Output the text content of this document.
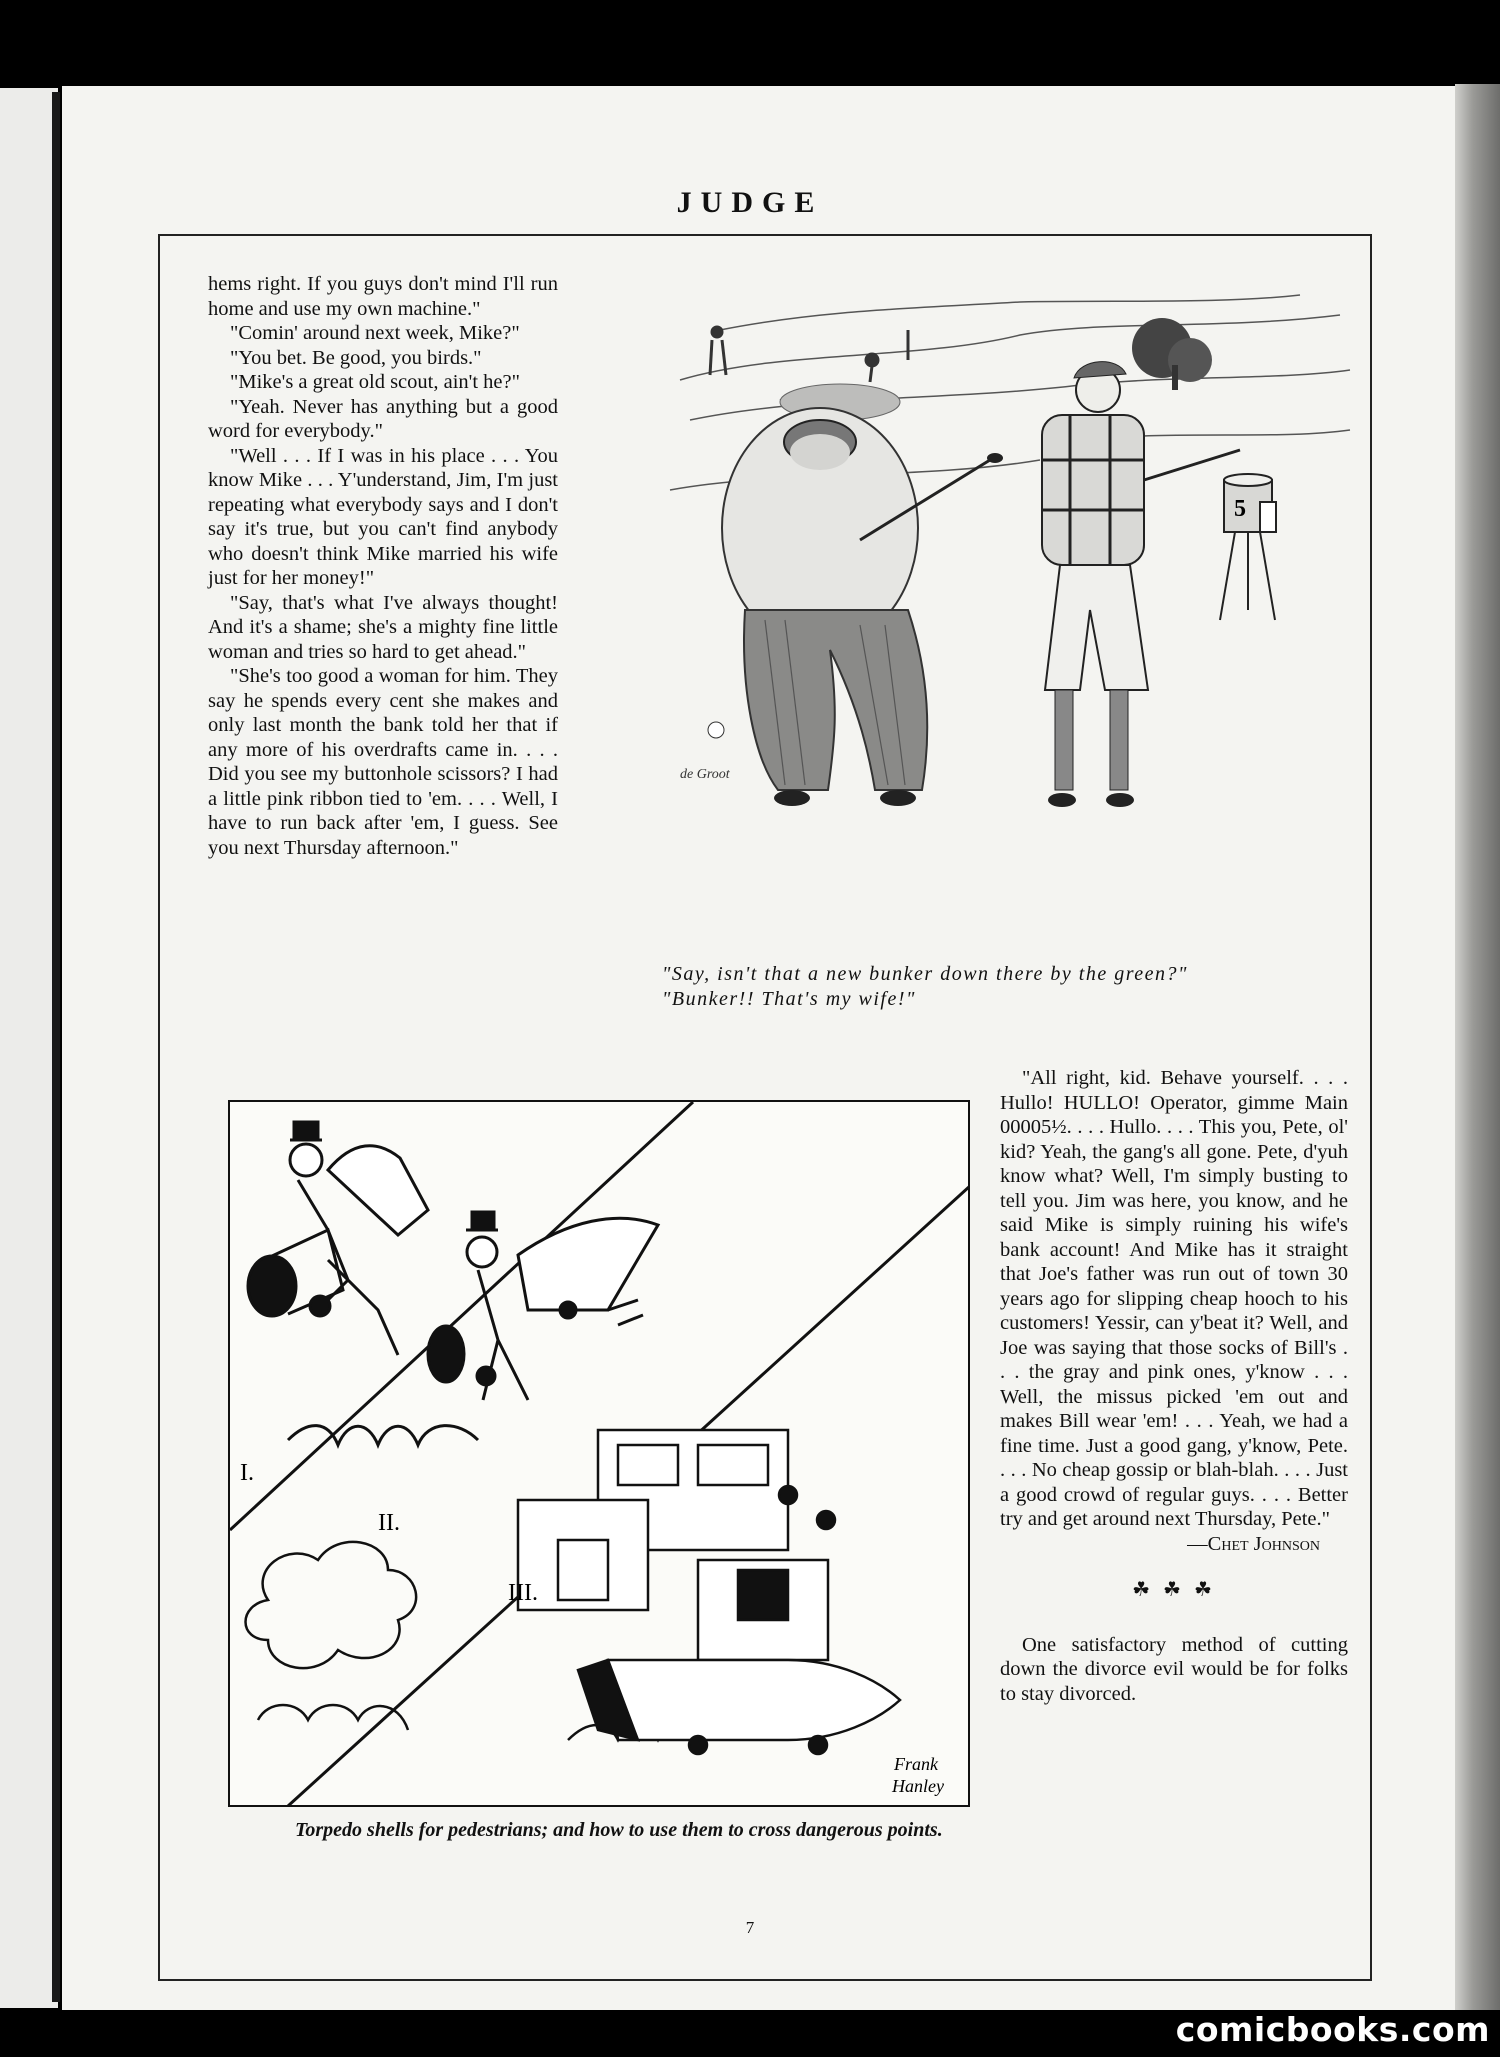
JUDGE

hems right. If you guys don't mind I'll run home and use my own machine."

"Comin' around next week, Mike?"

"You bet. Be good, you birds."

"Mike's a great old scout, ain't he?"

"Yeah. Never has anything but a good word for everybody."

"Well . . . If I was in his place . . . You know Mike . . . Y'understand, Jim, I'm just repeating what everybody says and I don't say it's true, but you can't find anybody who doesn't think Mike married his wife just for her money!"

"Say, that's what I've always thought! And it's a shame; she's a mighty fine little woman and tries so hard to get ahead."

"She's too good a woman for him. They say he spends every cent she makes and only last month the bank told her that if any more of his overdrafts came in. . . . Did you see my buttonhole scissors? I had a little pink ribbon tied to 'em. . . . Well, I have to run back after 'em, I guess. See you next Thursday afternoon."

5
de Groot
"Say, isn't that a new bunker down there by the green?"
"Bunker!! That's my wife!"
I.
II.
III.
Frank
Hanley
Torpedo shells for pedestrians; and how to use them to cross dangerous points.

"All right, kid. Behave yourself. . . . Hullo! HULLO! Operator, gimme Main 00005½. . . . Hullo. . . . This you, Pete, ol' kid? Yeah, the gang's all gone. Pete, d'yuh know what? Well, I'm simply busting to tell you. Jim was here, you know, and he said Mike is simply ruining his wife's bank account! And Mike has it straight that Joe's father was run out of town 30 years ago for slipping cheap hooch to his customers! Yessir, can y'beat it? Well, and Joe was saying that those socks of Bill's . . . the gray and pink ones, y'know . . . Well, the missus picked 'em out and makes Bill wear 'em! . . . Yeah, we had a fine time. Just a good gang, y'know, Pete. . . . No cheap gossip or blah-blah. . . . Just a good crowd of regular guys. . . . Better try and get around next Thursday, Pete."

—Chet Johnson
☘ ☘ ☘

One satisfactory method of cutting down the divorce evil would be for folks to stay divorced.

7
comicbooks.com
